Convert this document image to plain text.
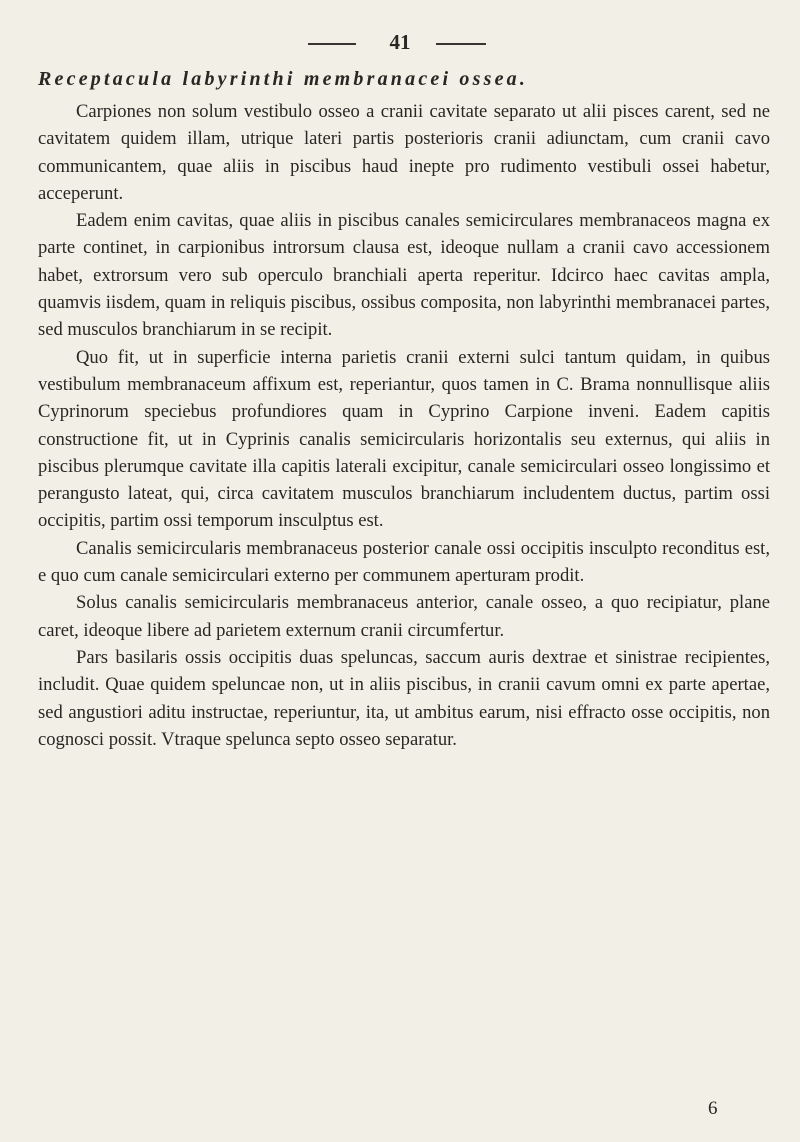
41
Receptacula labyrinthi membranacei ossea.

Carpiones non solum vestibulo osseo a cranii cavitate separato ut alii pisces carent, sed ne cavitatem quidem illam, utrique lateri partis posterioris cranii adiunctam, cum cranii cavo communicantem, quae aliis in piscibus haud inepte pro rudimento vestibuli ossei habetur, acceperunt.

Eadem enim cavitas, quae aliis in piscibus canales semicirculares membranaceos magna ex parte continet, in carpionibus introrsum clausa est, ideoque nullam a cranii cavo accessionem habet, extrorsum vero sub operculo branchiali aperta reperitur. Idcirco haec cavitas ampla, quamvis iisdem, quam in reliquis piscibus, ossibus composita, non labyrinthi membranacei partes, sed musculos branchiarum in se recipit.

Quo fit, ut in superficie interna parietis cranii externi sulci tantum quidam, in quibus vestibulum membranaceum affixum est, reperiantur, quos tamen in C. Brama nonnullisque aliis Cyprinorum speciebus profundiores quam in Cyprino Carpione inveni. Eadem capitis constructione fit, ut in Cyprinis canalis semicircularis horizontalis seu externus, qui aliis in piscibus plerumque cavitate illa capitis laterali excipitur, canale semicirculari osseo longissimo et perangusto lateat, qui, circa cavitatem musculos branchiarum includentem ductus, partim ossi occipitis, partim ossi temporum insculptus est.

Canalis semicircularis membranaceus posterior canale ossi occipitis insculpto reconditus est, e quo cum canale semicirculari externo per communem aperturam prodit.

Solus canalis semicircularis membranaceus anterior, canale osseo, a quo recipiatur, plane caret, ideoque libere ad parietem externum cranii circumfertur.

Pars basilaris ossis occipitis duas speluncas, saccum auris dextrae et sinistrae recipientes, includit. Quae quidem speluncae non, ut in aliis piscibus, in cranii cavum omni ex parte apertae, sed angustiori aditu instructae, reperiuntur, ita, ut ambitus earum, nisi effracto osse occipitis, non cognosci possit. Vtraque spelunca septo osseo separatur.

6
